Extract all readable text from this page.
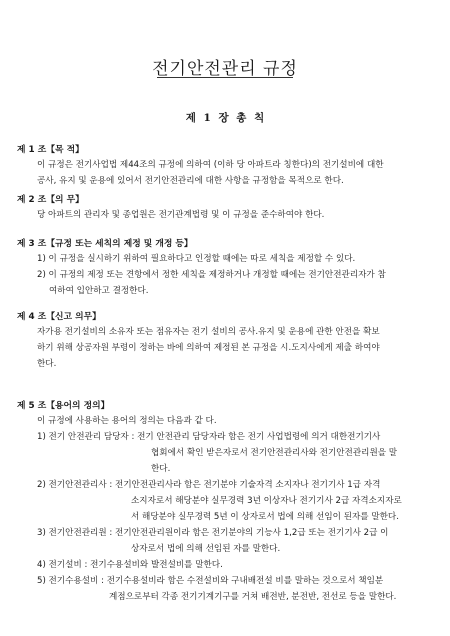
전기안전관리 규정
제 1 장 총 칙

제 1 조【목 적】

이 규정은 전기사업법 제44조의 규정에 의하여 (이하 당 아파트라 칭한다)의 전기설비에 대한

공사, 유지 및 운용에 있어서 전기안전관리에 대한 사항을 규정함을 목적으로 한다.

제 2 조【의 무】

당 아파트의 관리자 및 종업원은 전기관계법령 및 이 규정을 준수하여야 한다.

제 3 조【규정 또는 세칙의 제정 및 개정 등】

1) 이 규정을 실시하기 위하여 필요하다고 인정할 때에는 따로 세칙을 제정할 수 있다.

2) 이 규정의 제정 또는 견항에서 정한 세칙을 제정하거나 개정할 때에는 전기안전관리자가 참

여하여 입안하고 결정한다.

제 4 조【신고 의무】

자가용 전기설비의 소유자 또는 점유자는 전기 설비의 공사.유지 및 운용에 관한 안전을 확보

하기 위해 상공자원 부령이 정하는 바에 의하여 제정된 본 규정을 시.도지사에게 제출 하여야

한다.

제 5 조【용어의 정의】

이 규정에 사용하는 용어의 정의는 다음과 같 다.

1) 전기 안전관리 담당자 : 전기 안전관리 담당자라 함은 전기 사업법령에 의거 대한전기기사
협회에서 확인 받은자로서 전기안전관리사와 전기안전관리원을 말
한다.
2) 전기안전관리사 : 전기안전관리사라 함은 전기분야 기술자격 소지자나 전기기사 1급 자격
소지자로서 해당분야 실무경력 3년 이상자나 전기기사 2급 자격소지자로
서 해당분야 실무경력 5년 이 상자로서 법에 의해 선임이 된자를 말한다.
3) 전기안전관리원 : 전기안전관리원이라 함은 전기분야의 기능사 1,2급 또는 전기기사 2급 이
상자로서 법에 의해 선임된 자를 말한다.
4) 전기설비 : 전기수용설비와 발전설비를 말한다.
5) 전기수용설비 : 전기수용설비라 함은 수전설비와 구내배전설 비를 말하는 것으로서 책임분
계점으로부터 각종 전기기계기구를 거쳐 배전반, 분전반, 전선로 등을 말한다.
